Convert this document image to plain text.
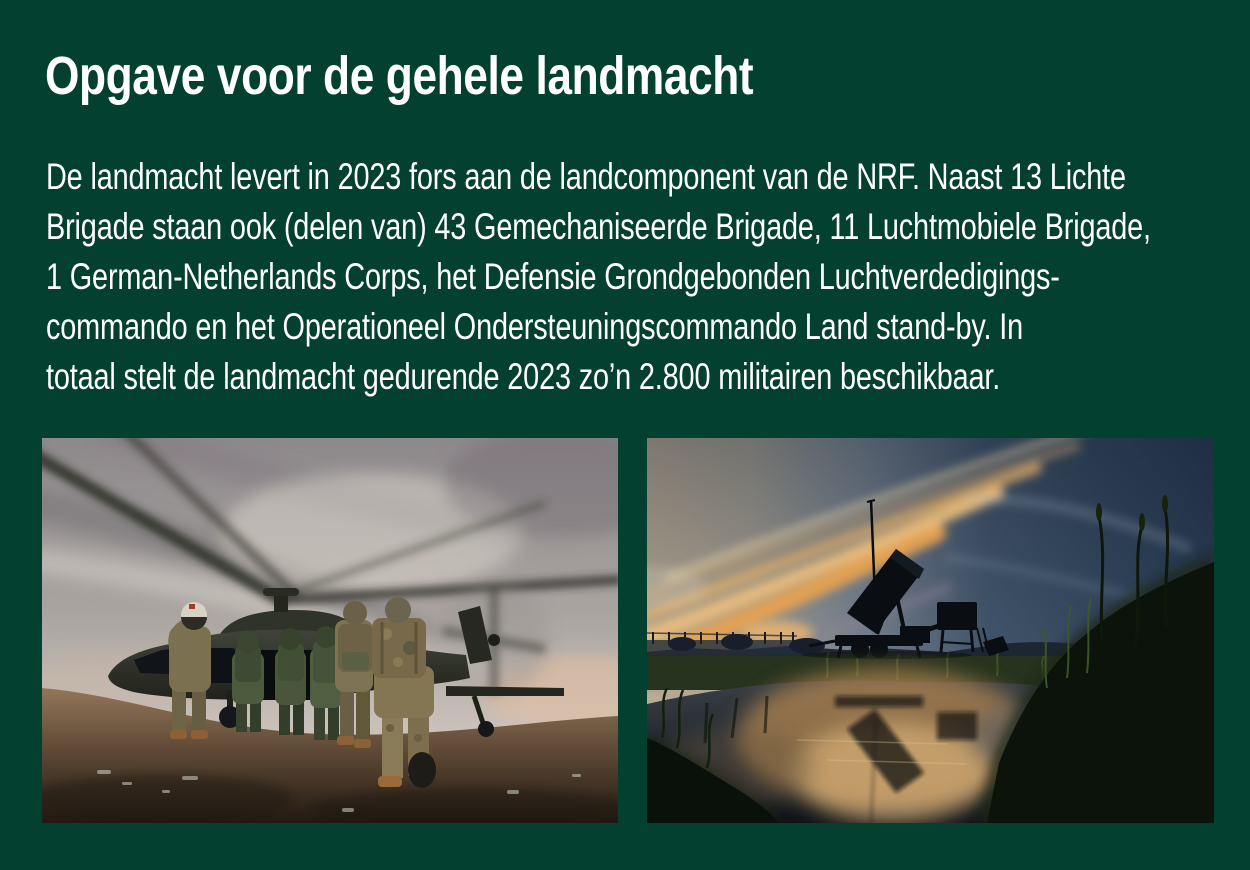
Opgave voor de gehele landmacht
De landmacht levert in 2023 fors aan de landcomponent van de NRF. Naast 13 Lichte
Brigade staan ook (delen van) 43 Gemechaniseerde Brigade, 11 Luchtmobiele Brigade,
1 German-Netherlands Corps, het Defensie Grondgebonden Luchtverdedigings-
commando en het Operationeel Ondersteuningscommando Land stand-by. In
totaal stelt de landmacht gedurende 2023 zo’n 2.800 militairen beschikbaar.
